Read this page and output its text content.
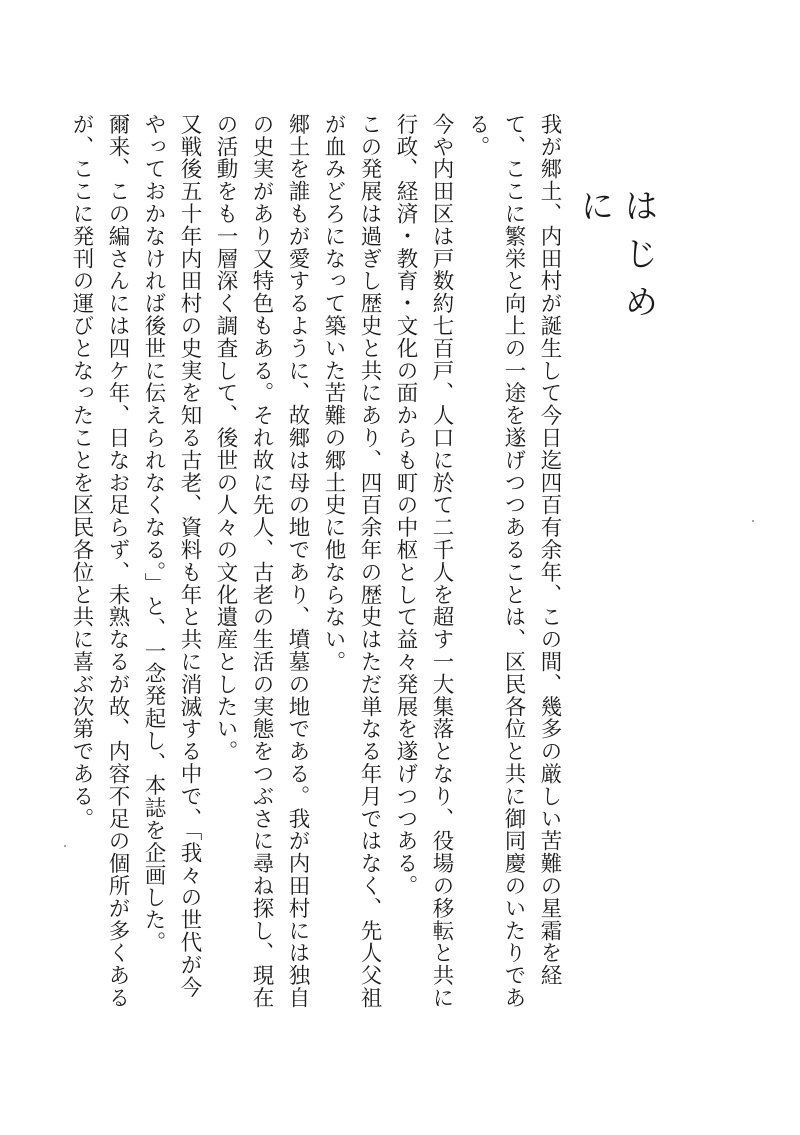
はじめに

我が郷土、内田村が誕生して今日迄四百有余年、この間、幾多の厳しい苦難の星霜を経て、ここに繁栄と向上の一途を遂げつつあることは、区民各位と共に御同慶のいたりである。

今や内田区は戸数約七百戸、人口に於て二千人を超す一大集落となり、役場の移転と共に行政、経済・教育・文化の面からも町の中枢として益々発展を遂げつつある。

この発展は過ぎし歴史と共にあり、四百余年の歴史はただ単なる年月ではなく、先人父祖が血みどろになって築いた苦難の郷土史に他ならない。

郷土を誰もが愛するように、故郷は母の地であり、墳墓の地である。我が内田村には独自の史実があり又特色もある。それ故に先人、古老の生活の実態をつぶさに尋ね探し、現在の活動をも一層深く調査して、後世の人々の文化遺産としたい。

又戦後五十年内田村の史実を知る古老、資料も年と共に消滅する中で、「我々の世代が今やっておかなければ後世に伝えられなくなる。」と、一念発起し、本誌を企画した。

爾来、この編さんには四ケ年、日なお足らず、未熟なるが故、内容不足の個所が多くあるが、ここに発刊の運びとなったことを区民各位と共に喜ぶ次第である。
